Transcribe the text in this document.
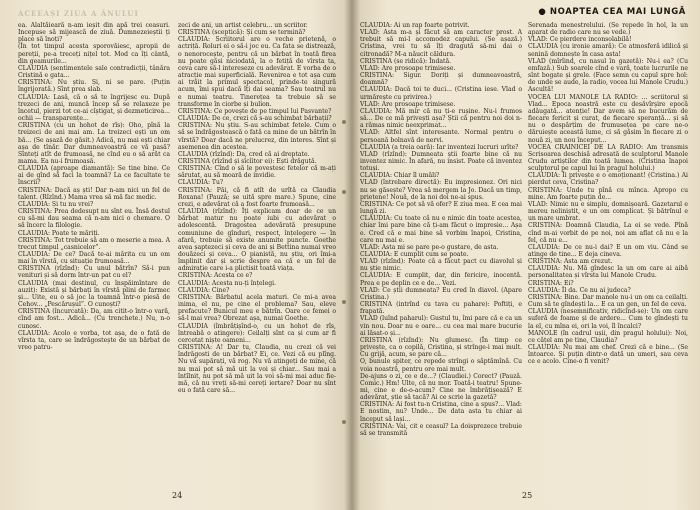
ACEEAȘI ZIUA A ĂNULUI

ea. Alaltăieară n-am ieșit din apă trei ceasuri. Incepuse să mijească de ziuă. Dumnezeieștii ți place să înoți?
(În tot timpul acesta sporovăiesc, apropii de pereții, pe-a treceți nițel tot. Mod ca îți cântă, din geamurile...
CLAUDIA (sentimentele sale contradicții, tânăra Cristină e gata...
CRISTINA: Nu știu. Și, ni se pare. (Puțin îngrijorată.) Sînt prea slab.
CLAUDIA: Lasă, că o să te îngrijesc eu. După trezeci de ani, muncă încep să se relaxeze pe încetul, pierzi tot ce-ai cîștigat, și dezmeticirea... ochii — transparențe...
CRISTINA (cu un hohot de rîs): Oho, pînă la treizeci de ani mai am. La treizeci ești un om bă... (Se așază de găsit.) Adică, nu mai ești chiar așa de tînăr. Dar dumneavoastră ce vă pasă? Sînteți atît de frumoasă, ne cînd eu o să arăt ca mama. Ea nu-i frumoasă.
CLAUDIA (aproape diamantă): Se tine bine. Ce ai de gînd să faci la toamnă? La ce facultate te înscrii?
CRISTINA: Dacă aș ști! Dar n-am nici un fel de talent. (Rîzînd.) Mama vrea să mă fac medic.
CLAUDIA: Și tu nu vrei?
CRISTINA: Prea dedesupt nu sînt eu. Însă destul cu să-mi dau seama că n-am nici o chemare. O să încerc la filologie.
CLAUDIA: Poate te măriți.
CRISTINA: Tot trebuie să am o meserie a mea. A trecut timpul „casnicelor”.
CLAUDIA: De ce? Dacă te-ai mărita cu un om mai în vîrstă, cu situație frumoasă...
CRISTINA (rîzînd): Cu unul bătrîn? Să-i pun venituri și să dorm într-un pat cu el?
CLAUDIA (mai destinul, cu înspăimîntare de auzit): Există și bărbați în vîrstă plini de farmec și... Uite, eu o să joc la toamnă într-o piesă de Cehov... „Pescărușul”. O cunoști?
CRISTINA (încurcată): Da, am citit-o într-o vară, cînd am fost... Adică... (Cu trenchete.) Nu, n-o cunosc.
CLAUDIA: Acolo e vorba, tot așa, de o fată de vîrsta ta, care se îndrăgostește de un bărbat de vreo patru-

zeci de ani, un artist celebru... un scriitor.
CRISTINA (sceptică): Și cum se termină?
CLAUDIA: Scriitorul are o veche prietenă, o actriță. Roluri ei o să-i joc eu. Ca fata se distrează, o nenorocește, pentru că un bărbat în toată firea nu poate găsi niciodată, la o fetiță de vîrsta ta, ceva care să-l intereseze cu adevărat. E vorba de o atracție mai superficială. Revenirea e tot așa cum ai trăit la primul spectacol, prinde-te singură acum, îmi spui dacă îți dai seama? Sau teatrul nu e numai teatru. Tinerețea ta trebuie să se transforme în ciorbe și bulion.
CRISTINA: Ce povește de pe timpul lui Pasvante?
CLAUDIA: De ce, crezi că s-au schimbat bărbații?
CRISTINA: Nu știu. S-au schimbat fetele. Cum o să se îndrăgostească o fată ca mine de un bătrîn în vîrstă? Doar dacă ne prelucrez, din interes. Sînt și asemenea din acestea.
CLAUDIA (rîzînd): Da, cred că ai dreptate.
CRISTINA (rîzînd și sîcîitor ei): Ești drăguță.
CRISTINA: Cînd o să le povestesc fetelor că m-ați sărutat, au să moară de invidie.
CLAUDIA: Tu?
CRISTINA: Păi, că fi atît de urîtă ca Claudia Roxana! (Pauză; se uită spre mare.) Spune, cine crezi, e adevărat că a fost foarte frumoasă...
CLAUDIA (rîzînd): Îți explicam doar de ce un bărbat matur nu poate iubi cu adevărat o adolescentă. Dragostea adevărată presupune comuniune de gînduri, respect, înțelegere — în afară, trebuie să existe anumite puncte. Goethe avea șaptezeci și ceva de ani și Bettina numai vreo douăzeci și ceva... O pianistă, nu știu, ori îmi-a împlinit dar și scrie despre ea că e un fel de admirație care i-a plictisit toată viața.
CRISTINA: Acesta ce e?
CLAUDIA: Acesta nu-ți înțelegi.
CLAUDIA: Cine?
CRISTINA: Bărbatul acela maturi. Ce mi-a avea inima, el nu, pe cine el problema? Sau, eleve prefacute? Bunicul meu e bătrîn. Oare ce femei o să-l mai vrea? Obrezat așa, numai Goethe.
CLAUDIA (îmbrățișînd-o, cu un hohot de rîs, întreabă o atingere): Ceilalți sînt ca și cum ar fi cercetat niște oameni...
CRISTINA: A! Dar tu, Claudia, nu crezi că vei îndrăgosti de un bărbat? Ei, ce. Vezi că eu plîng. Nu vă supărați, vă rog. Nu vă atingeți de mine, că nu mai pot să mă uit la voi și chiar... Sau mai a întîlnit, nu pot să mă uit la voi să-mi mai aduc fie-mă, că nu vreți să-mi cereți iertare? Doar nu sînt eu o fată care să...

24
● NOAPTEA CEA MAI LUNGĂ

CLAUDIA: Ai un rap foarte potrivit.
VLAD: Asta m-a și făcut să am caracter prost. A trebuit să mi-l accomodez capului. (Se așază.) Cristina, vrei tu să îți dragută să-mi dai o citronadă? M-a năucit căldura.
CRISTINA (se ridică): Îndată.
VLAD: Are prosoape trimisese.
CRISTINA: Sigur. Doriți și dumneavoastră, doamnă?
CLAUDIA: Dacă toi te duci... (Cristina iese. Vlad o urmărește cu privirea.)
VLAD: Are prosoape trimisese.
CLAUDIA: Mă mir că nu ți-e rușine. Nu-i frumos să... De ce mă privești așa? Știi că pentru noi doi n-a rămas nimic neexprimat...
VLAD: Altfel sînt interesante. Normal pentru o persoană bolnavă de nervi.
CLAUDIA (a treia oară): Iar inventezi lucruri urîte?
VLAD (rîzînd): Dumneata știi foarte bine că nu inventez nimic. În afară, nu insist. Poate că inventez totuși.
CLAUDIA: Chiar îl umăli?
VLAD (întrebare directă): Eu impresionez. Ori nici nu se găsește? Vrea să mergem la Jo. Dacă un timp, prietene! Nouă, de la noi doi ne-ai spus.
CRISTINA: Ce pot să vă ofer? E ziua mea. E cea mai lungă zi.
CLAUDIA: Cu toate că nu e nimic din toate acestea, chiar îmi pare bine că ți-am făcut o impresie... Așa e. Cred că e mai bine să vorbim înapoi, Cristina, care nu mai e.
VLAD: Asta mi se pare pe-o gustare, de asta.
CLAUDIA: E cumplit cum se poate.
VLAD (rîzînd): Poate că a făcut pact cu diavolul și nu știe nimic.
CLAUDIA: E cumplit, dar, din fericire, inocentă. Prea e pe deplin ce e de... Vezi.
VLAD: Ce știi dumneata? Eu cred în diavol. (Apare Cristina.)
CRISTINA (intrînd cu tava cu pahare): Poftiți, e frapată.
VLAD (luînd paharul): Gustul tu, îmi pare că e ca un vin nou. Doar nu e oare... cu cea mai mare bucurie ai lăsat-o și...
CRISTINA (rîzînd): Nu glumesc. (În timp ce privește, ca o copilă, Cristina, și strînge-i mai mult. Cu grijă, acum, se pare că...
O, bunule spiter, ce repede strîngi o săptămînă. Cu voia noastră, pentru ore mai mult.
De-ajuns o zi, ce e de...? (Claudiei.) Corect? (Pauză. Comic.) Hm! Ulte, că nu mor. Toată-i teatru! Spune-mi, cine e de-o-acum? Cine ne îmbrățișează? E adevărat, știe să tacă? Ai ce scrie la gazetă?
CRISTINA: Ai fost tu-n Cristina, cine a spus?... Vlad: E nostim, nu? Unde... De data asta tu chiar ai început să lași...
CRISTINA: Vai, cit e ceasul? La doisprezece trebuie să se transmită

Serenada menestrelului. (Se repede în hol, la un aparat de radio care nu se vede.)
VLAD: Ce pierdere inconsolabilă!
CLAUDIA (cu ironie amară): Ce atmosferă idilică și senină domnește în casa asta!
VLAD (mîrîind, cu nasul în gazetă): Nu-i ea? (Cu emfază.) Sub soarele cînd e vară, toate lucrurile ne sînt bogate și grele. (Face semn cu capul spre hol: de unde se aude, la radio, vocea lui Manole Crudu.) Ascultă!
VOCEA LUI MANOLE LA RADIO: ... scriitorul și Vlad... Epoca noastră este cu desăvîrșire epocă adăugată... atenție! Dar avem să ne bucurăm de fiecare fericit și curat, de fiecare speranță... și să nu o despărțim de frumusețea pe care ne-o dăruiește această lume, ci să găsim în fiecare zi o nouă zi, un nou început...
VOCEA CRAINICEI DE LA RADIO: Am transmis Scrisoarea deschisă adresată de sculptorul Manole Crudu artiștilor din toată lumea. (Cristina înapoi sculptorul pe capul lui în pragul holului.)
CLAUDIA: Îi privește e o emoționant! (Cristina.) Ai pierdut ceva, Cristina?
CRISTINA: Unde tu pînă cu mînca. Apropo cu mine. Am foarte puțin de...
VLAD: Nimic nu e simplu, domnișoară. Gazetarul e mereu neliniștit, e un om complicat. Și bătrînul e un mare umbrat.
CRISTINA: Doamnă Claudia, La ei se vede. Pînă cînd m-ai vorbit de pe noi, noi am aflat că nu e la fel, că nu e...
CLAUDIA: De ce nu-i dai? E un om viu. Când se atinge de tine... E deja cineva.
CRISTINA: Asta am crezut.
CLAUDIA: Nu. Mă gîndesc la un om care ai aibă personalitatea și vîrsta lui Manole Crudu.
CRISTINA: Ei?
CLAUDIA: Îl da. Ce nu ai judeca?
CRISTINA: Bine. Dar manole nu-i un om ca ceilalți. Cum să te gîndești la... E ca un gen, un fel de ceva.
CLAUDIA (nesemnificativ, ridicînd-se): Un om care suferă de foame și de ardere... Cum te gîndești tu la el, cu mîna ei, ori la voi, îl încalci?
MANOLE (în cadrul ușii, din pragul holului): Noi, ce cățel am pe tine, Claudia?
CLAUDIA: Nu mai am chef. Crezi că e bine... (Se întoarce. Și puțin dintr-o dată un umeri, sau ceva ce e acolo. Cine-o fi venit?

25
